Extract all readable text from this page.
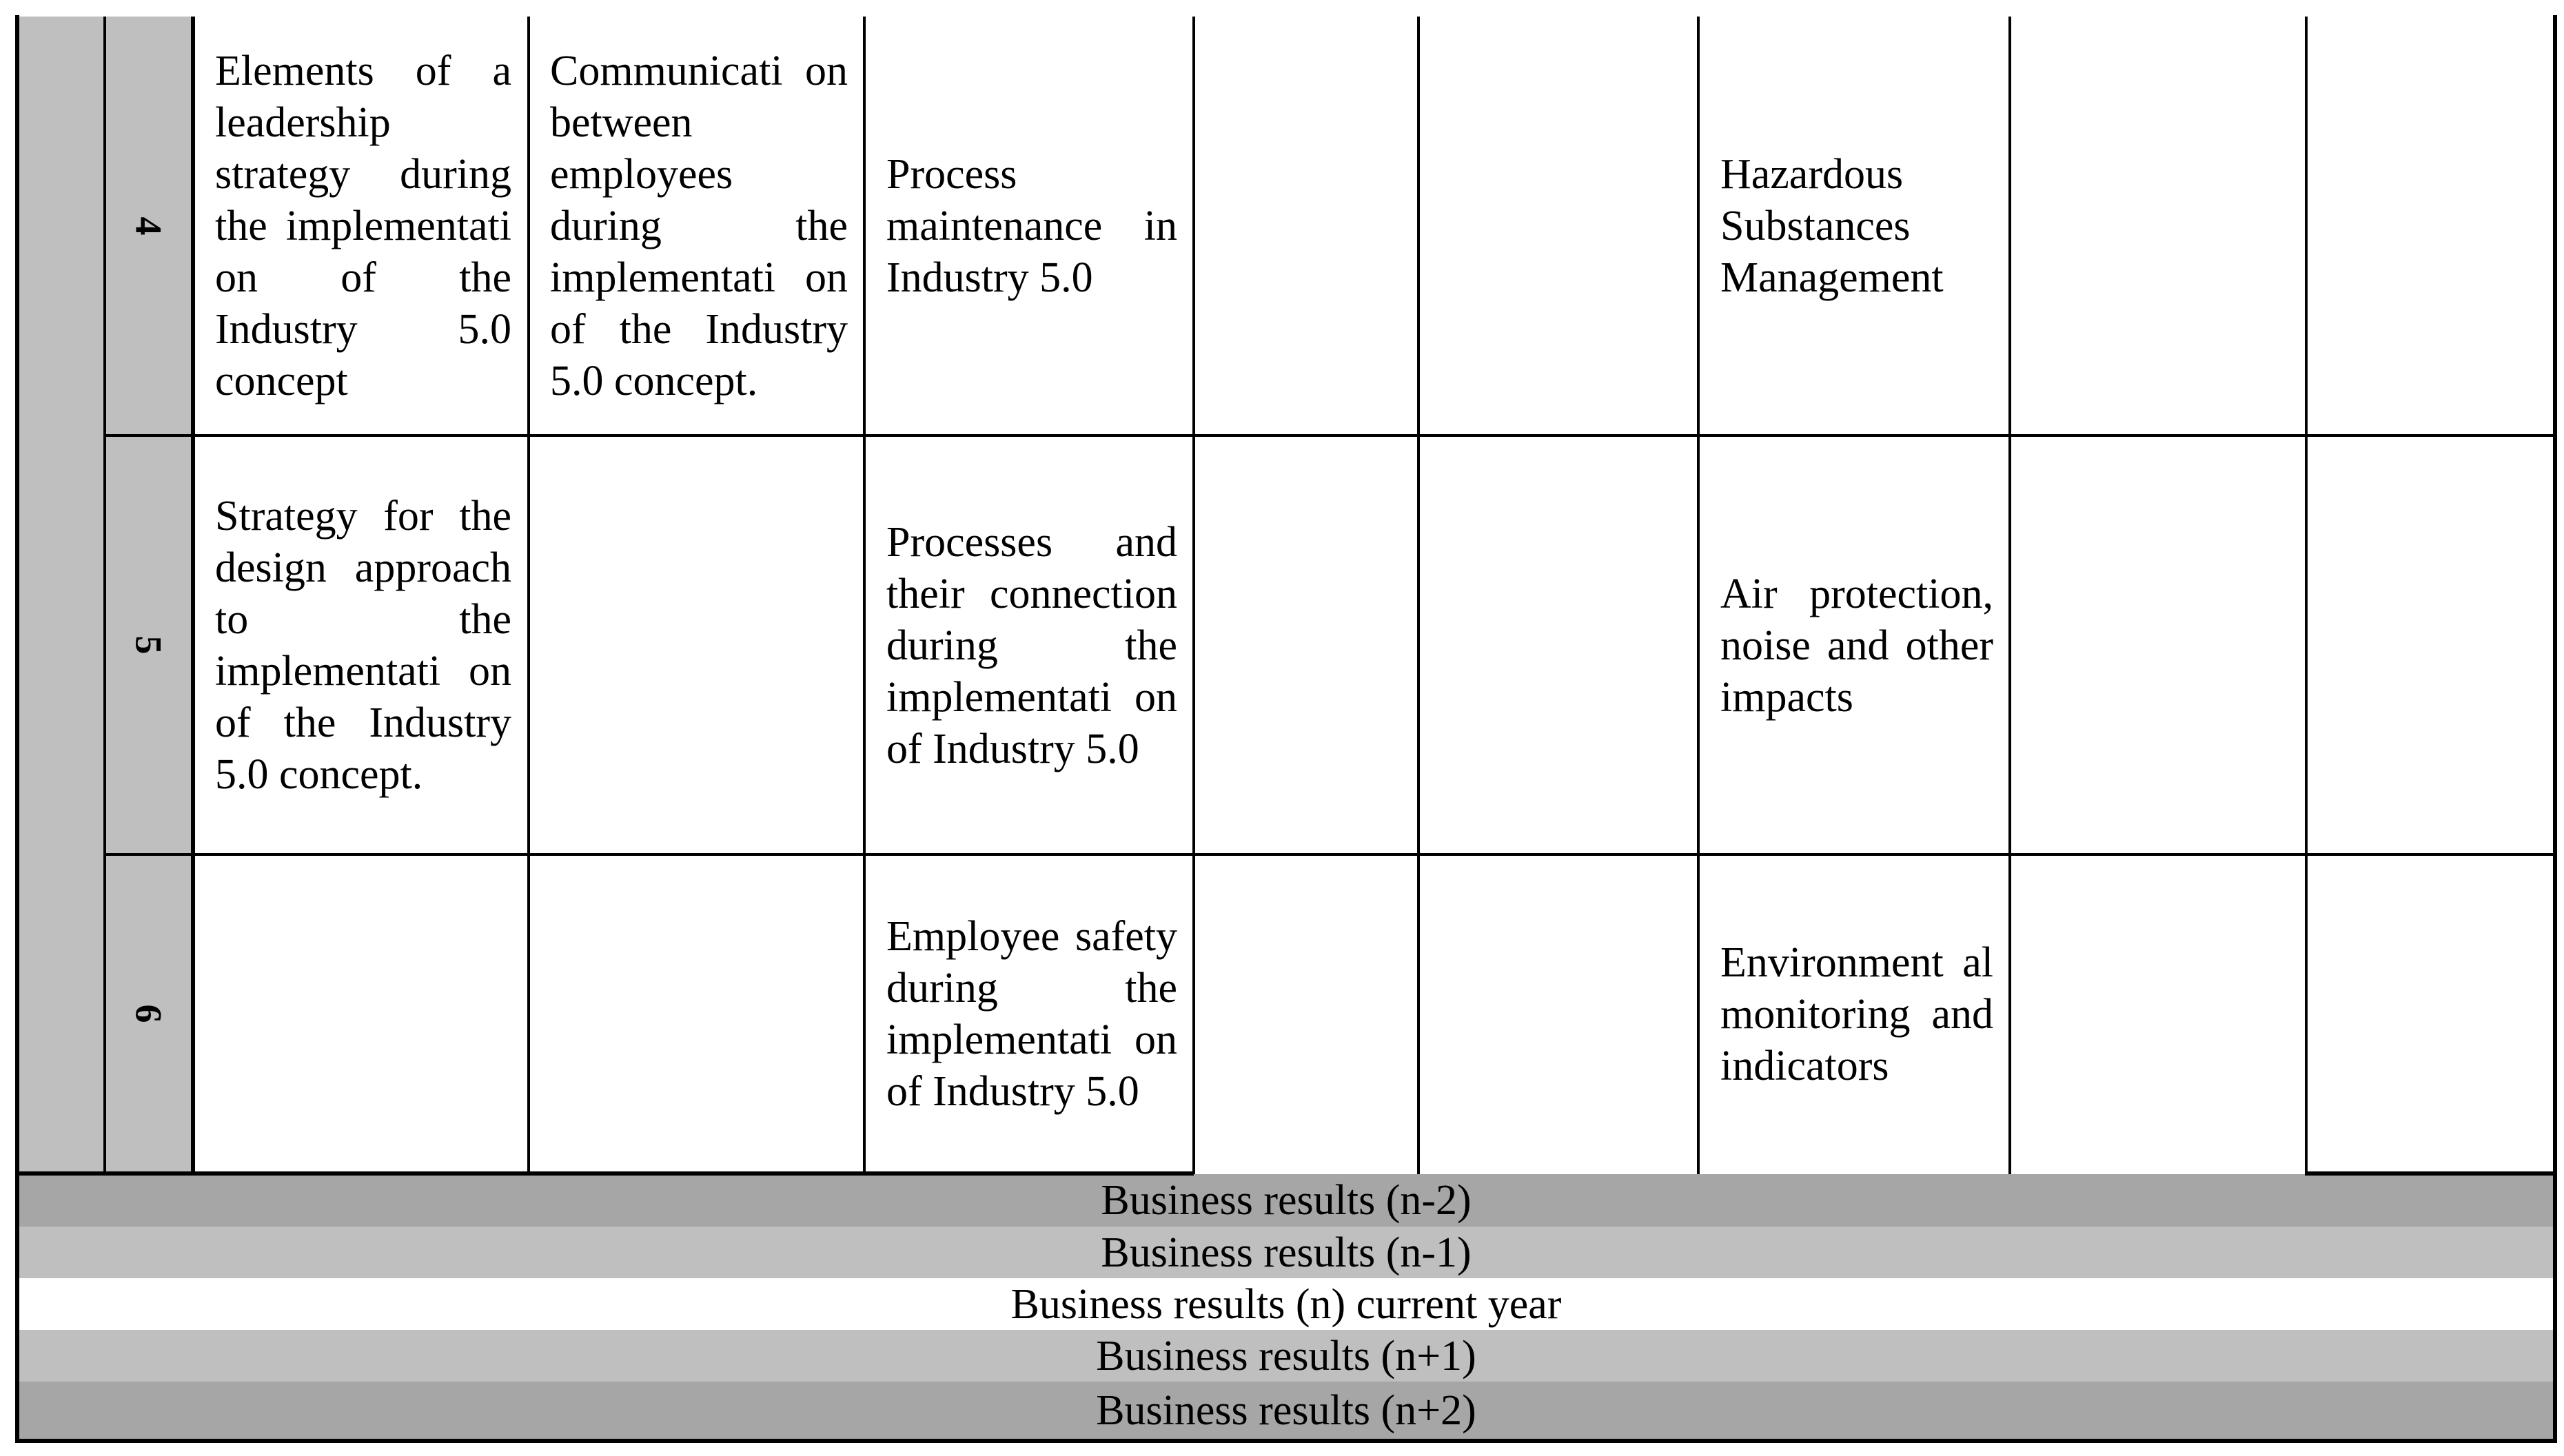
4
5
6
Elements of a leadership strategy during the implementati on of the Industry 5.0 concept
Communicati on between employees during the implementati on of the Industry 5.0 concept.
Process maintenance in Industry 5.0
Hazardous Substances Management
Strategy for the design approach to the implementati on of the Industry 5.0 concept.
Processes and their connection during the implementati on of Industry 5.0
Air protection, noise and other impacts
Employee safety during the implementati on of Industry 5.0
Environment al monitoring and indicators
Business results (n-2)
Business results (n-1)
Business results (n) current year
Business results (n+1)
Business results (n+2)
